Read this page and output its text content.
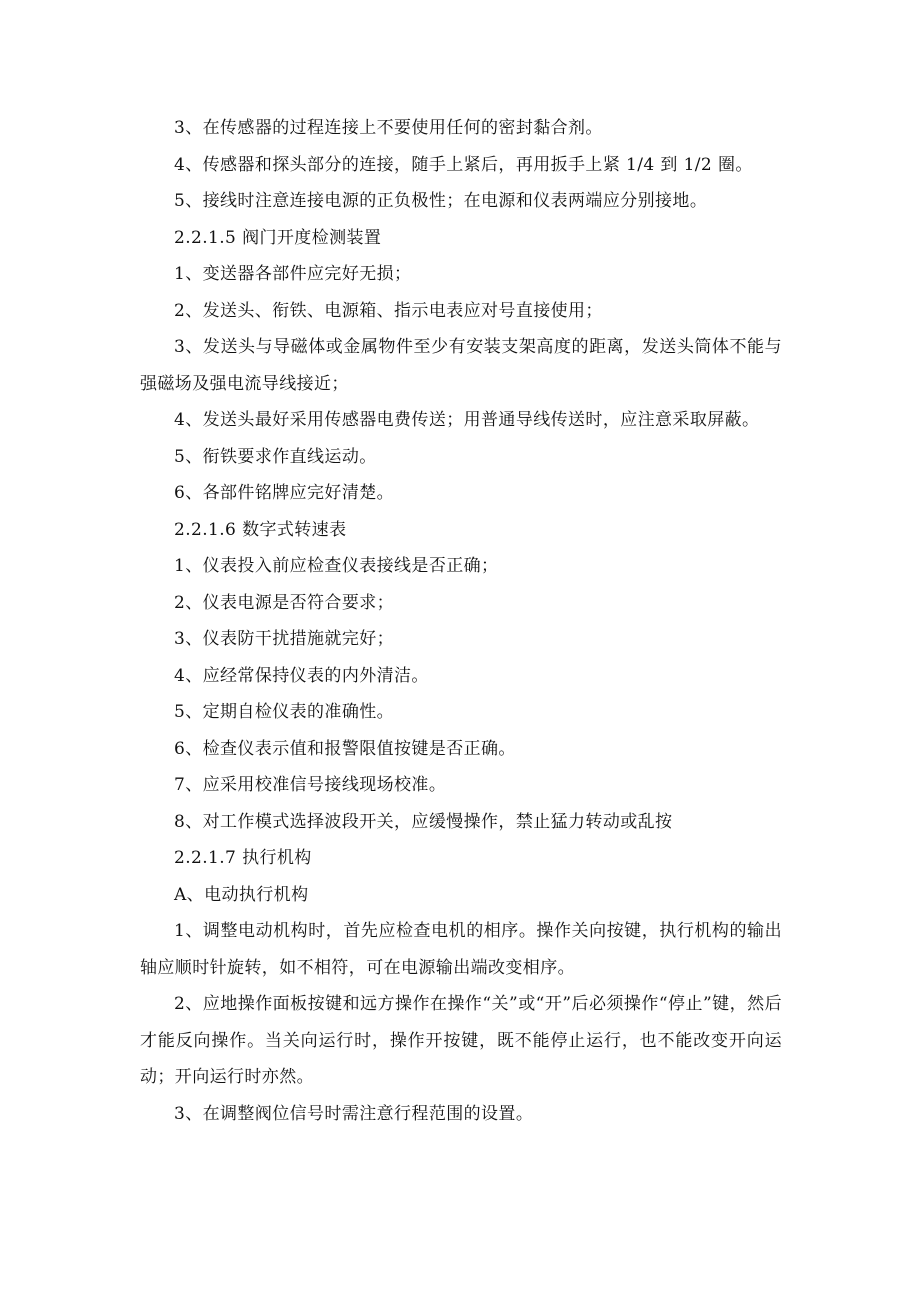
3、在传感器的过程连接上不要使用任何的密封黏合剂。

4、传感器和探头部分的连接，随手上紧后，再用扳手上紧 1/4 到 1/2 圈。

5、接线时注意连接电源的正负极性；在电源和仪表两端应分别接地。

2.2.1.5 阀门开度检测装置

1、变送器各部件应完好无损；

2、发送头、衔铁、电源箱、指示电表应对号直接使用；

3、发送头与导磁体或金属物件至少有安装支架高度的距离，发送头筒体不能与强磁场及强电流导线接近；

4、发送头最好采用传感器电费传送；用普通导线传送时，应注意采取屏蔽。

5、衔铁要求作直线运动。

6、各部件铭牌应完好清楚。

2.2.1.6 数字式转速表

1、仪表投入前应检查仪表接线是否正确；

2、仪表电源是否符合要求；

3、仪表防干扰措施就完好；

4、应经常保持仪表的内外清洁。

5、定期自检仪表的准确性。

6、检查仪表示值和报警限值按键是否正确。

7、应采用校准信号接线现场校准。

8、对工作模式选择波段开关，应缓慢操作，禁止猛力转动或乱按

2.2.1.7 执行机构

A、电动执行机构

1、调整电动机构时，首先应检查电机的相序。操作关向按键，执行机构的输出轴应顺时针旋转，如不相符，可在电源输出端改变相序。

2、应地操作面板按键和远方操作在操作“关”或“开”后必须操作“停止”键，然后才能反向操作。当关向运行时，操作开按键，既不能停止运行，也不能改变开向运动；开向运行时亦然。

3、在调整阀位信号时需注意行程范围的设置。
